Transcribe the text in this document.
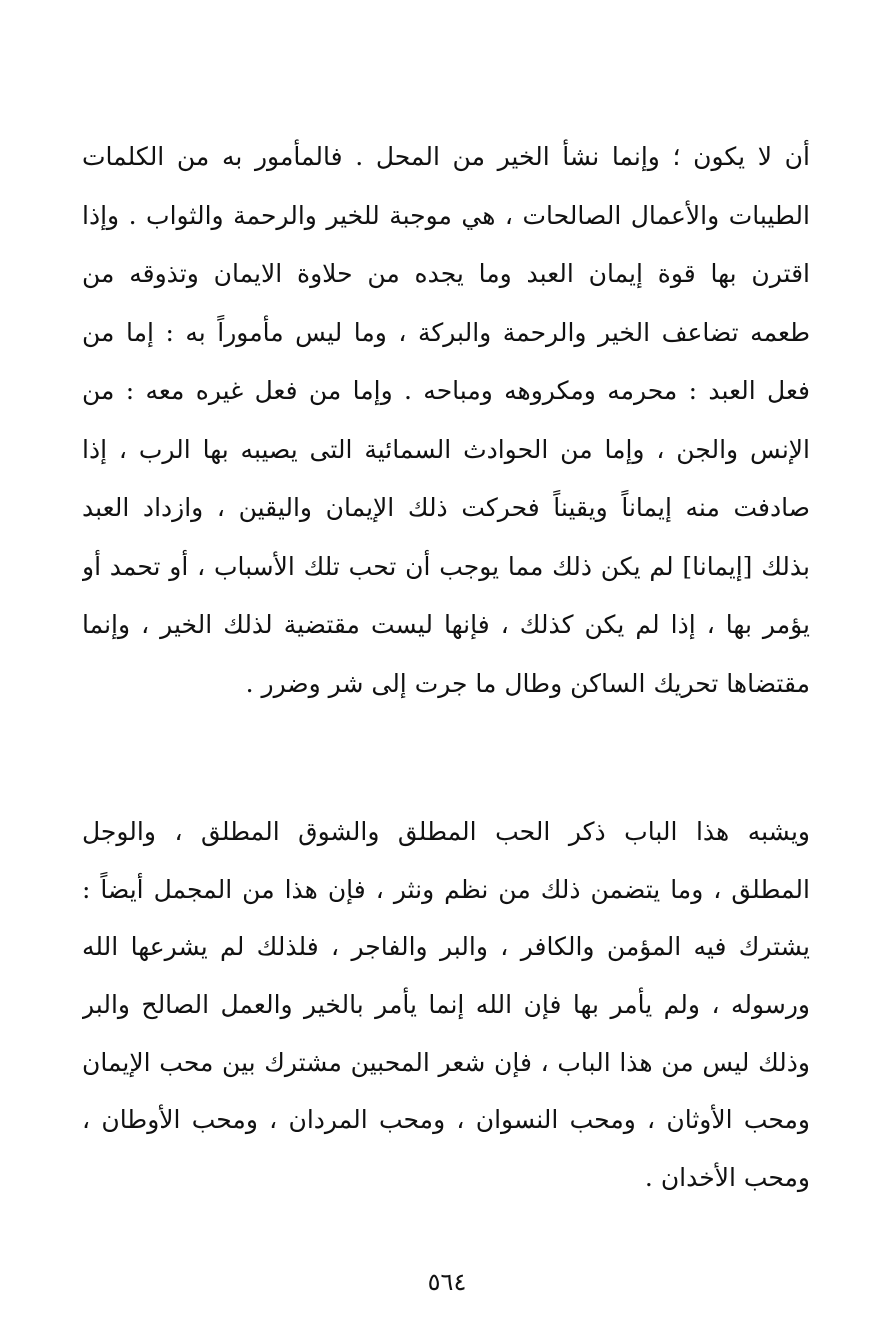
أن لا يكون ؛ وإنما نشأ الخير من المحل . فالمأمور به من الكلمات
الطيبات والأعمال الصالحات ، هي موجبة للخير والرحمة والثواب . وإذا
اقترن بها قوة إيمان العبد وما يجده من حلاوة الايمان وتذوقه من
طعمه تضاعف الخير والرحمة والبركة ، وما ليس مأموراً به : إما من
فعل العبد : محرمه ومكروهه ومباحه . وإما من فعل غيره معه : من
الإنس والجن ، وإما من الحوادث السمائية التى يصيبه بها الرب ، إذا
صادفت منه إيماناً ويقيناً فحركت ذلك الإيمان واليقين ، وازداد العبد
بذلك [إيمانا] لم يكن ذلك مما يوجب أن تحب تلك الأسباب ، أو تحمد أو
يؤمر بها ، إذا لم يكن كذلك ، فإنها ليست مقتضية لذلك الخير ، وإنما
مقتضاها تحريك الساكن وطال ما جرت إلى شر وضرر .
ويشبه هذا الباب ذكر الحب المطلق والشوق المطلق ، والوجل
المطلق ، وما يتضمن ذلك من نظم ونثر ، فإن هذا من المجمل أيضاً :
يشترك فيه المؤمن والكافر ، والبر والفاجر ، فلذلك لم يشرعها الله
ورسوله ، ولم يأمر بها فإن الله إنما يأمر بالخير والعمل الصالح والبر
وذلك ليس من هذا الباب ، فإن شعر المحبين مشترك بين محب الإيمان
ومحب الأوثان ، ومحب النسوان ، ومحب المردان ، ومحب الأوطان ،
ومحب الأخدان .
٥٦٤
